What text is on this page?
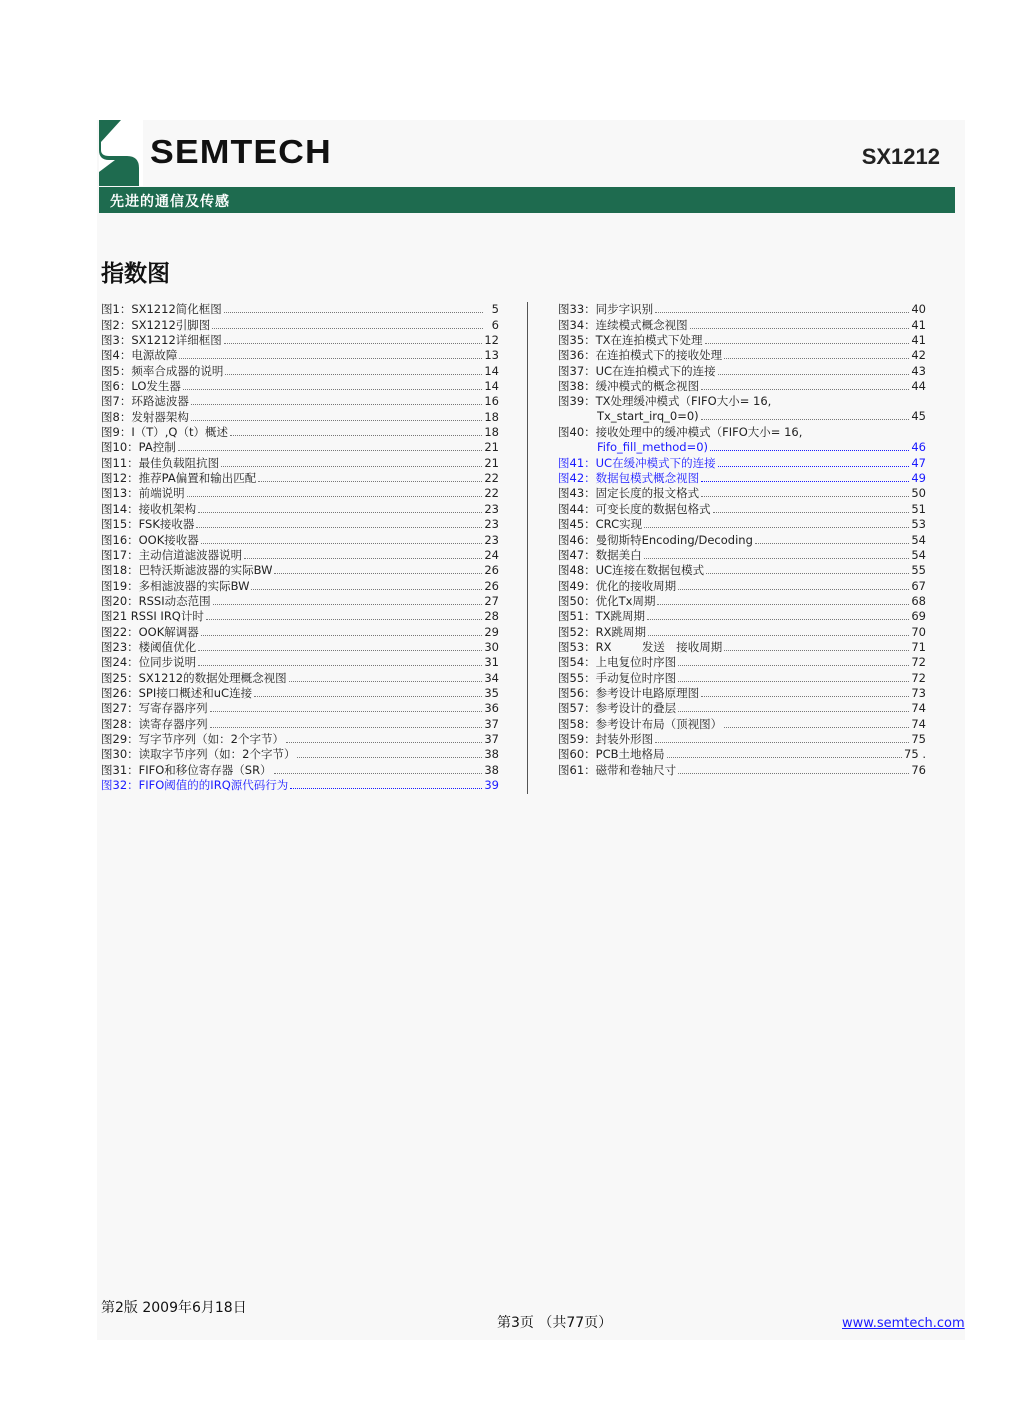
SEMTECH	SX1212
先进的通信及传感
指数图
图1：SX1212简化框图	5
图2：SX1212引脚图	6
图3：SX1212详细框图	12
图4：电源故障	13
图5：频率合成器的说明	14
图6：LO发生器	14
图7：环路滤波器	16
图8：发射器架构	18
图9：I（T）,Q（t）概述	18
图10：PA控制	21
图11：最佳负载阻抗图	21
图12：推荐PA偏置和输出匹配	22
图13：前端说明	22
图14：接收机架构	23
图15：FSK接收器	23
图16：OOK接收器	23
图17：主动信道滤波器说明	24
图18：巴特沃斯滤波器的实际BW	26
图19：多相滤波器的实际BW	26
图20：RSSI动态范围	27
图21 RSSI IRQ计时	28
图22：OOK解调器	29
图23：楼阈值优化	30
图24：位同步说明	31
图25：SX1212的数据处理概念视图	34
图26：SPI接口概述和uC连接	35
图27：写寄存器序列	36
图28：读寄存器序列	37
图29：写字节序列（如：2个字节）	37
图30：读取字节序列（如：2个字节）	38
图31：FIFO和移位寄存器（SR）	38
图32：FIFO阈值的的IRQ源代码行为	39
图33：同步字识别	40
图34：连续模式概念视图	41
图35：TX在连拍模式下处理	41
图36：在连拍模式下的接收处理	42
图37：UC在连拍模式下的连接	43
图38：缓冲模式的概念视图	44
图39：TX处理缓冲模式（FIFO大小= 16,
Tx_start_irq_0=0)	45
图40：接收处理中的缓冲模式（FIFO大小= 16,
Fifo_fill_method=0)	46
图41：UC在缓冲模式下的连接	47
图42：数据包模式概念视图	49
图43：固定长度的报文格式	50
图44：可变长度的数据包格式	51
图45：CRC实现	53
图46：曼彻斯特Encoding/Decoding	54
图47：数据美白	54
图48：UC连接在数据包模式	55
图49：优化的接收周期	67
图50：优化Tx周期	68
图51：TX跳周期	69
图52：RX跳周期	70
图53：RX 　　 发送　接收周期	71
图54：上电复位时序图	72
图55：手动复位时序图	72
图56：参考设计电路原理图	73
图57：参考设计的叠层	74
图58：参考设计布局（顶视图）	74
图59：封装外形图	75
图60：PCB土地格局	75 .
图61：磁带和卷轴尺寸	76
第2版 2009年6月18日
第3页 （共77页）	www.semtech.com
